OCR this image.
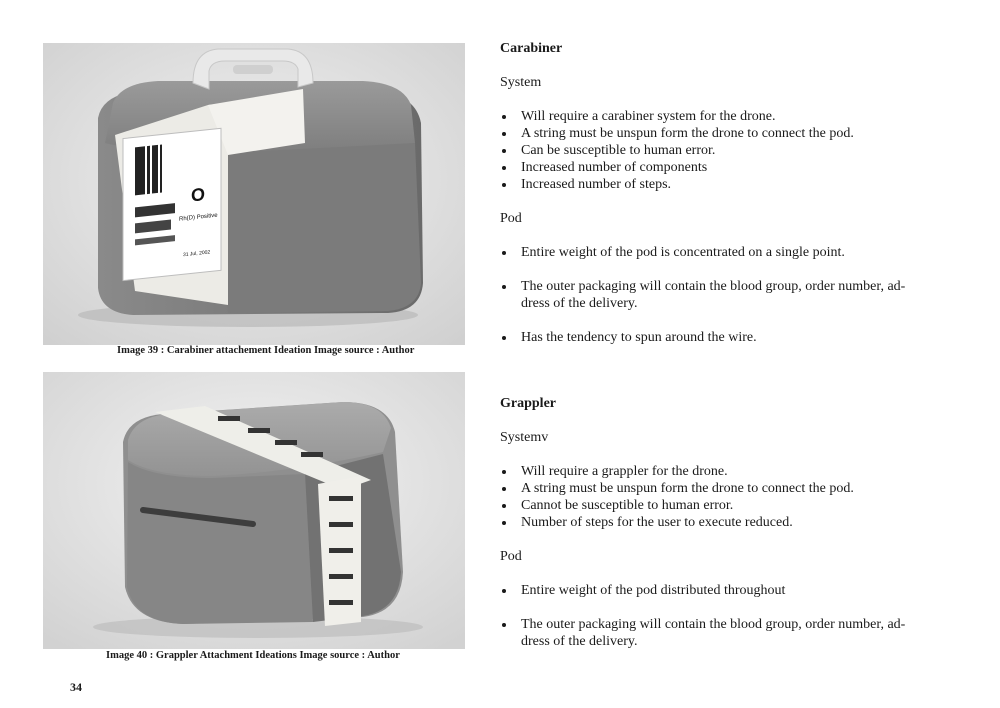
O
Rh(D) Positive
31 Jul, 2002
Image 39 : Carabiner attachement Ideation Image source : Author
Image 40 : Grappler Attachment Ideations Image source : Author

Carabiner

System

Will require a carabiner system for the drone.
A string must be unspun form the drone to connect the pod.
Can be susceptible to human error.
Increased number of components
Increased number of steps.

Pod

Entire weight of the pod is concentrated on a single point.
The outer packaging will contain the blood group, order number, ad-dress of the delivery.
Has the tendency to spun around the wire.

Grappler

Systemv

Will require a grappler for the drone.
A string must be unspun form the drone to connect the pod.
Cannot be susceptible to human error.
Number of steps for the user to execute reduced.

Pod

Entire weight of the pod distributed throughout
The outer packaging will contain the blood group, order number, ad-dress of the delivery.
34
